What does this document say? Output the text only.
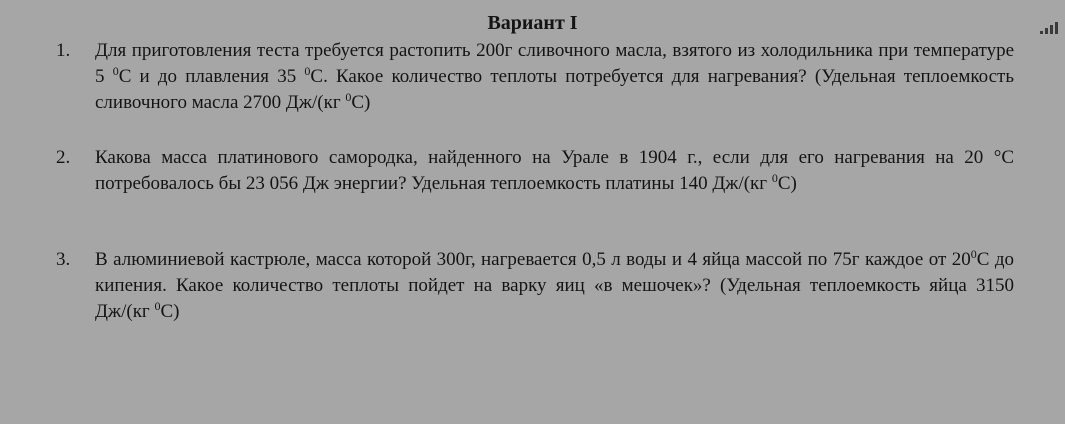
Вариант I
1.	Для приготовления теста требуется растопить 200г сливочного масла, взятого из холодильника при температуре 5 $^0$С и до плавления 35 $^0$С. Какое количество теплоты потребуется для нагревания? (Удельная теплоемкость сливочного масла 2700 Дж/(кг $^0$С)
2.	Какова масса платинового самородка, найденного на Урале в 1904 г., если для его нагревания на 20 °С потребовалось бы 23 056 Дж энергии? Удельная теплоемкость платины 140 Дж/(кг $^0$С)
3.	В алюминиевой кастрюле, масса которой 300г, нагревается 0,5 л воды и 4 яйца массой по 75г каждое от $20^0С$ до кипения. Какое количество теплоты пойдет на варку яиц «в мешочек»? (Удельная теплоемкость яйца 3150 Дж/(кг $^0$С)
